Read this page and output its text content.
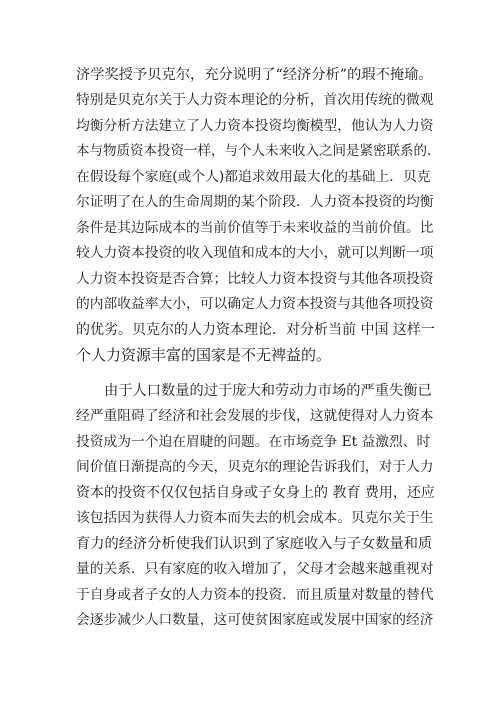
济学奖授予贝克尔，充分说明了“经济分析”的瑕不掩瑜。
特别是贝克尔关于人力资本理论的分析，首次用传统的微观
均衡分析方法建立了人力资本投资均衡模型，他认为人力资
本与物质资本投资一样，与个人未来收入之间是紧密联系的.
在假设每个家庭(或个人)都追求效用最大化的基础上．贝克
尔证明了在人的生命周期的某个阶段．人力资本投资的均衡
条件是其边际成本的当前价值等于未来收益的当前价值。比
较人力资本投资的收入现值和成本的大小，就可以判断一项
人力资本投资是否合算；比较人力资本投资与其他各项投资
的内部收益率大小，可以确定人力资本投资与其他各项投资
的优劣。贝克尔的人力资本理论．对分析当前 中国 这样一
个人力资源丰富的国家是不无裨益的。
由于人口数量的过于庞大和劳动力市场的严重失衡已
经严重阻碍了经济和社会发展的步伐，这就使得对人力资本
投资成为一个迫在眉睫的问题。在市场竞争 Et 益激烈、时
间价值日渐提高的今天，贝克尔的理论告诉我们，对于人力
资本的投资不仅仅包括自身或子女身上的 教育 费用，还应
该包括因为获得人力资本而失去的机会成本。贝克尔关于生
育力的经济分析使我们认识到了家庭收入与子女数量和质
量的关系．只有家庭的收入增加了，父母才会越来越重视对
于自身或者子女的人力资本的投资．而且质量对数量的替代
会逐步减少人口数量，这可使贫困家庭或发展中国家的经济
